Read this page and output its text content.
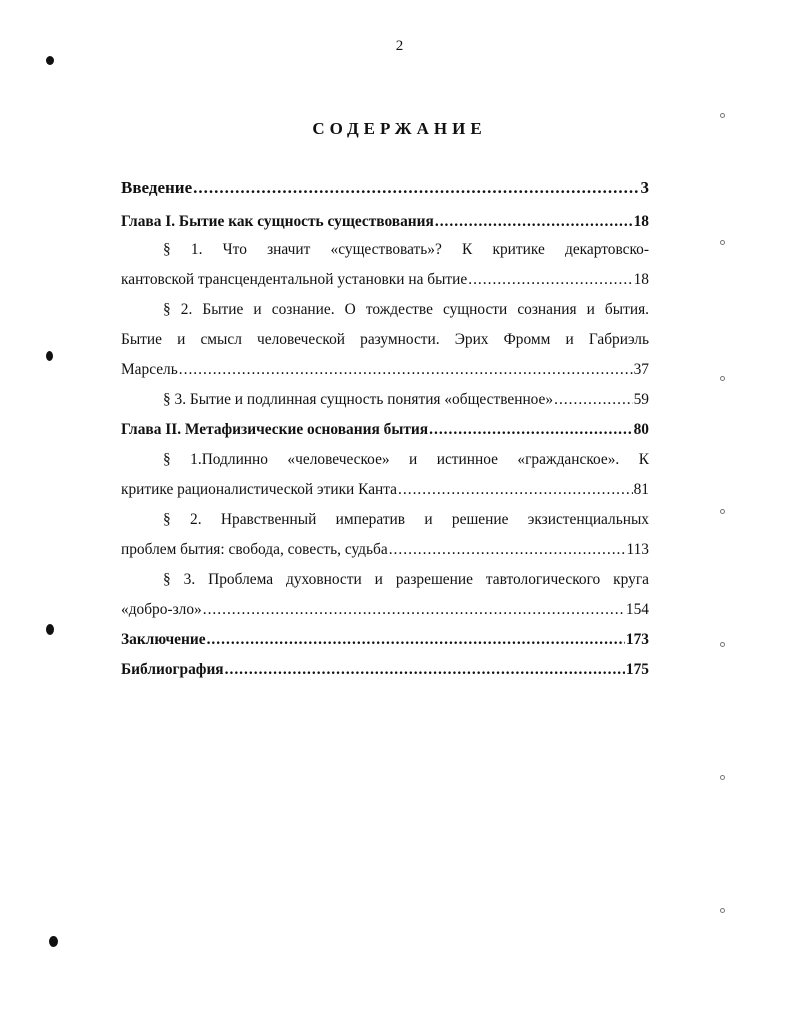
2
СОДЕРЖАНИЕ
Введение .....	3
Глава I. Бытие как сущность существования .....	18
§ 1. Что значит «существовать»? К критике декартовско-
кантовской трансцендентальной установки на бытие .....	18
§ 2. Бытие и сознание. О тождестве сущности сознания и бытия.
Бытие и смысл человеческой разумности. Эрих Фромм и Габриэль
Марсель .....	37
§ 3. Бытие и подлинная сущность понятия «общественное» .....	59
Глава II. Метафизические основания бытия .....	80
§ 1.Подлинно «человеческое» и истинное «гражданское». К
критике рационалистической этики Канта .....	81
§ 2. Нравственный императив и решение экзистенциальных
проблем бытия: свобода, совесть, судьба .....	113
§ 3. Проблема духовности и разрешение тавтологического круга
«добро-зло» .....	154
Заключение .....	173
Библиография .....	175
